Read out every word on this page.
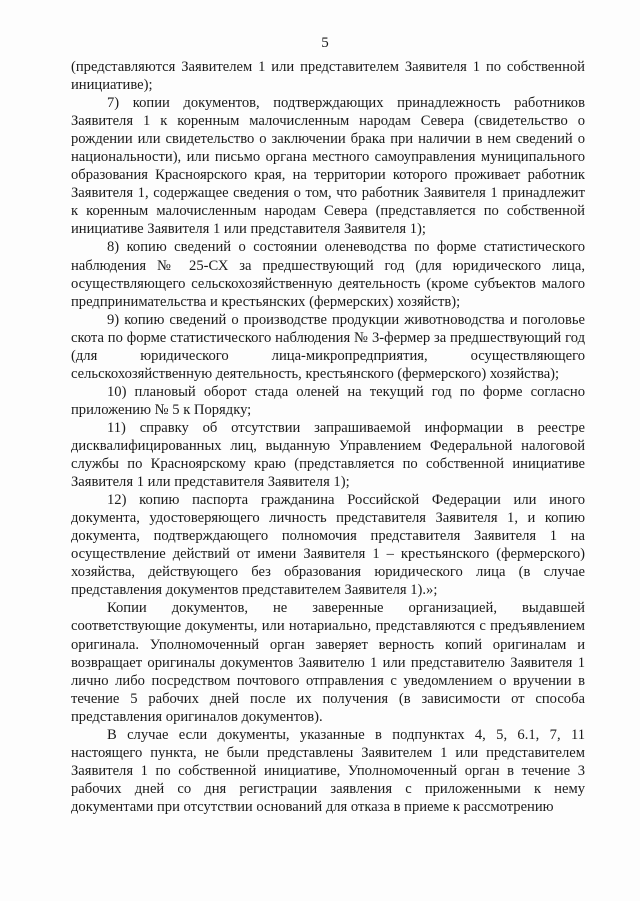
5

(представляются Заявителем 1 или представителем Заявителя 1 по собственной инициативе);

7) копии документов, подтверждающих принадлежность работников Заявителя 1 к коренным малочисленным народам Севера (свидетельство о рождении или свидетельство о заключении брака при наличии в нем сведений о национальности), или письмо органа местного самоуправления муниципального образования Красноярского края, на территории которого проживает работник Заявителя 1, содержащее сведения о том, что работник Заявителя 1 принадлежит к коренным малочисленным народам Севера (представляется по собственной инициативе Заявителя 1 или представителя Заявителя 1);

8) копию сведений о состоянии оленеводства по форме статистического наблюдения № 25-СХ за предшествующий год (для юридического лица, осуществляющего сельскохозяйственную деятельность (кроме субъектов малого предпринимательства и крестьянских (фермерских) хозяйств);

9) копию сведений о производстве продукции животноводства и поголовье скота по форме статистического наблюдения № 3-фермер за предшествующий год (для юридического лица-микропредприятия, осуществляющего сельскохозяйственную деятельность, крестьянского (фермерского) хозяйства);

10) плановый оборот стада оленей на текущий год по форме согласно приложению № 5 к Порядку;

11) справку об отсутствии запрашиваемой информации в реестре дисквалифицированных лиц, выданную Управлением Федеральной налоговой службы по Красноярскому краю (представляется по собственной инициативе Заявителя 1 или представителя Заявителя 1);

12) копию паспорта гражданина Российской Федерации или иного документа, удостоверяющего личность представителя Заявителя 1, и копию документа, подтверждающего полномочия представителя Заявителя 1 на осуществление действий от имени Заявителя 1 – крестьянского (фермерского) хозяйства, действующего без образования юридического лица (в случае представления документов представителем Заявителя 1).»;

Копии документов, не заверенные организацией, выдавшей соответствующие документы, или нотариально, представляются с предъявлением оригинала. Уполномоченный орган заверяет верность копий оригиналам и возвращает оригиналы документов Заявителю 1 или представителю Заявителя 1 лично либо посредством почтового отправления с уведомлением о вручении в течение 5 рабочих дней после их получения (в зависимости от способа представления оригиналов документов).

В случае если документы, указанные в подпунктах 4, 5, 6.1, 7, 11 настоящего пункта, не были представлены Заявителем 1 или представителем Заявителя 1 по собственной инициативе, Уполномоченный орган в течение 3 рабочих дней со дня регистрации заявления с приложенными к нему документами при отсутствии оснований для отказа в приеме к рассмотрению
